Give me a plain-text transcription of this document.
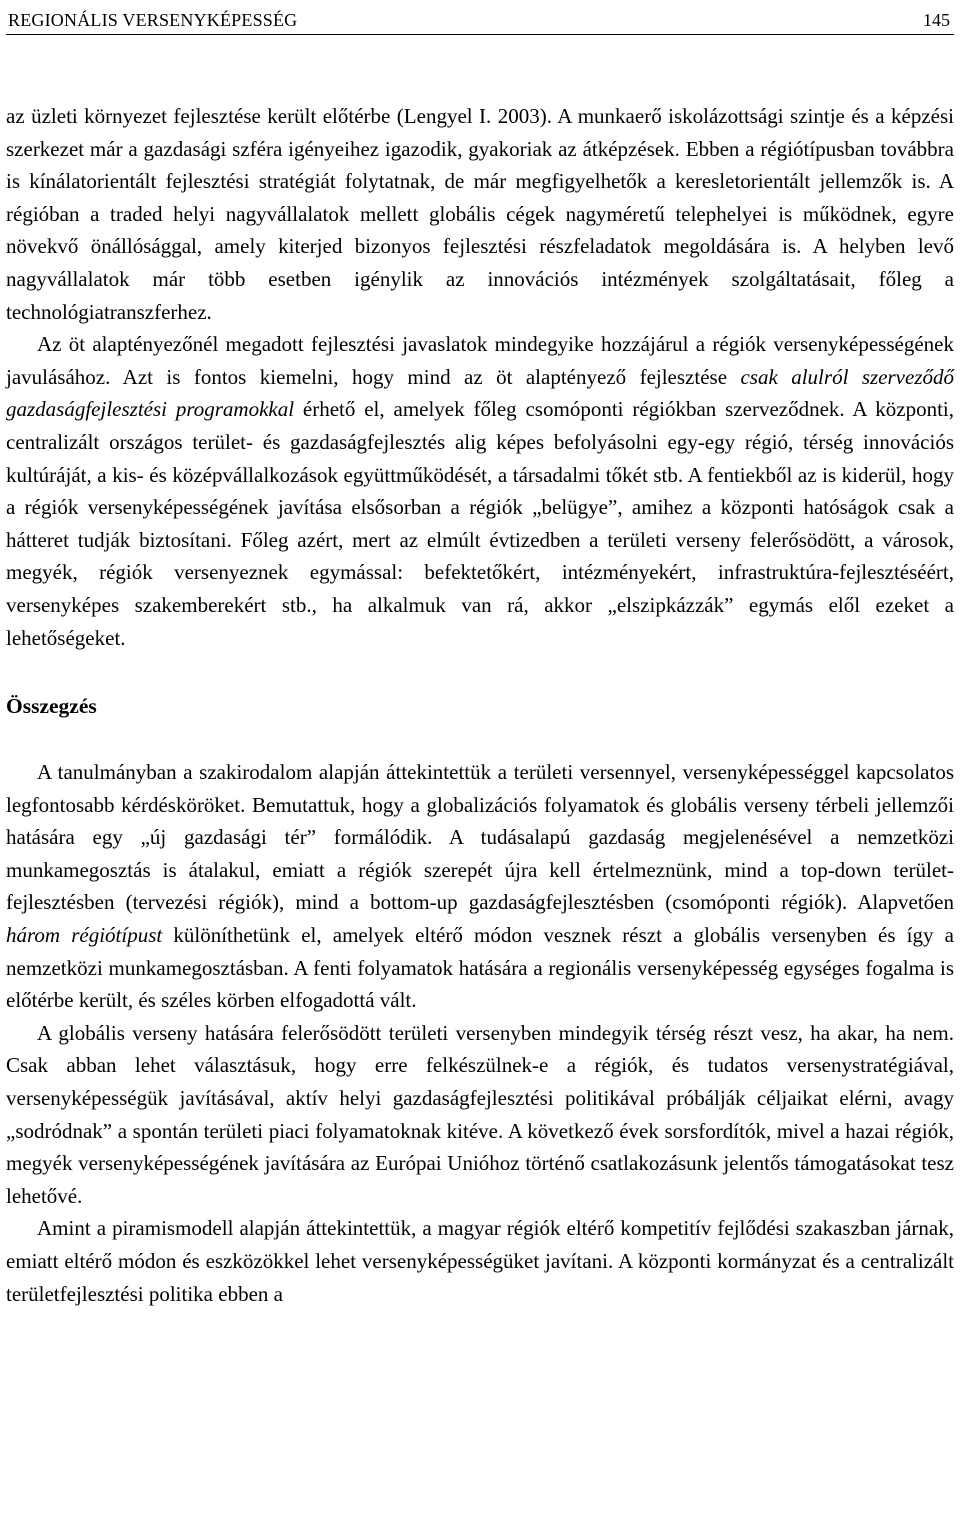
REGIONÁLIS VERSENYKÉPESSÉG	145

az üzleti környezet fejlesztése került előtérbe (Lengyel I. 2003). A munkaerő iskolázottsági szintje és a képzési szerkezet már a gazdasági szféra igényeihez igazodik, gyakoriak az átképzések. Ebben a régiótípusban továbbra is kínálatorientált fejlesztési stratégiát folytatnak, de már megfigyelhetők a keresletorientált jellemzők is. A régióban a traded helyi nagyvállalatok mellett globális cégek nagyméretű telephelyei is működnek, egyre növekvő önállósággal, amely kiterjed bizonyos fejlesztési részfeladatok megoldására is. A helyben levő nagyvállalatok már több esetben igénylik az innovációs intézmények szolgáltatásait, főleg a technológiatranszferhez.

Az öt alaptényezőnél megadott fejlesztési javaslatok mindegyike hozzájárul a régiók versenyképességének javulásához. Azt is fontos kiemelni, hogy mind az öt alaptényező fejlesztése csak alulról szerveződő gazdaságfejlesztési programokkal érhető el, amelyek főleg csomóponti régiókban szerveződnek. A központi, centralizált országos terület- és gazdaságfejlesztés alig képes befolyásolni egy-egy régió, térség innovációs kultúráját, a kis- és középvállalkozások együttműködését, a társadalmi tőkét stb. A fentiekből az is kiderül, hogy a régiók versenyképességének javítása elsősorban a régiók „belügye”, amihez a központi hatóságok csak a hátteret tudják biztosítani. Főleg azért, mert az elmúlt évtizedben a területi verseny felerősödött, a városok, megyék, régiók versenyeznek egymással: befektetőkért, intézményekért, infrastruktúra-fejlesztéséért, versenyképes szakemberekért stb., ha alkalmuk van rá, akkor „elszipkázzák” egymás elől ezeket a lehetőségeket.

Összegzés

A tanulmányban a szakirodalom alapján áttekintettük a területi versennyel, versenyképességgel kapcsolatos legfontosabb kérdésköröket. Bemutattuk, hogy a globalizációs folyamatok és globális verseny térbeli jellemzői hatására egy „új gazdasági tér” formálódik. A tudásalapú gazdaság megjelenésével a nemzetközi munkamegosztás is átalakul, emiatt a régiók szerepét újra kell értelmeznünk, mind a top-down területfejlesztésben (tervezési régiók), mind a bottom-up gazdaságfejlesztésben (csomóponti régiók). Alapvetően három régiótípust különíthetünk el, amelyek eltérő módon vesznek részt a globális versenyben és így a nemzetközi munkamegosztásban. A fenti folyamatok hatására a regionális versenyképesség egységes fogalma is előtérbe került, és széles körben elfogadottá vált.

A globális verseny hatására felerősödött területi versenyben mindegyik térség részt vesz, ha akar, ha nem. Csak abban lehet választásuk, hogy erre felkészülnek-e a régiók, és tudatos versenystratégiával, versenyképességük javításával, aktív helyi gazdaságfejlesztési politikával próbálják céljaikat elérni, avagy „sodródnak” a spontán területi piaci folyamatoknak kitéve. A következő évek sorsfordítók, mivel a hazai régiók, megyék versenyképességének javítására az Európai Unióhoz történő csatlakozásunk jelentős támogatásokat tesz lehetővé.

Amint a piramismodell alapján áttekintettük, a magyar régiók eltérő kompetitív fejlődési szakaszban járnak, emiatt eltérő módon és eszközökkel lehet versenyképességüket javítani. A központi kormányzat és a centralizált területfejlesztési politika ebben a
